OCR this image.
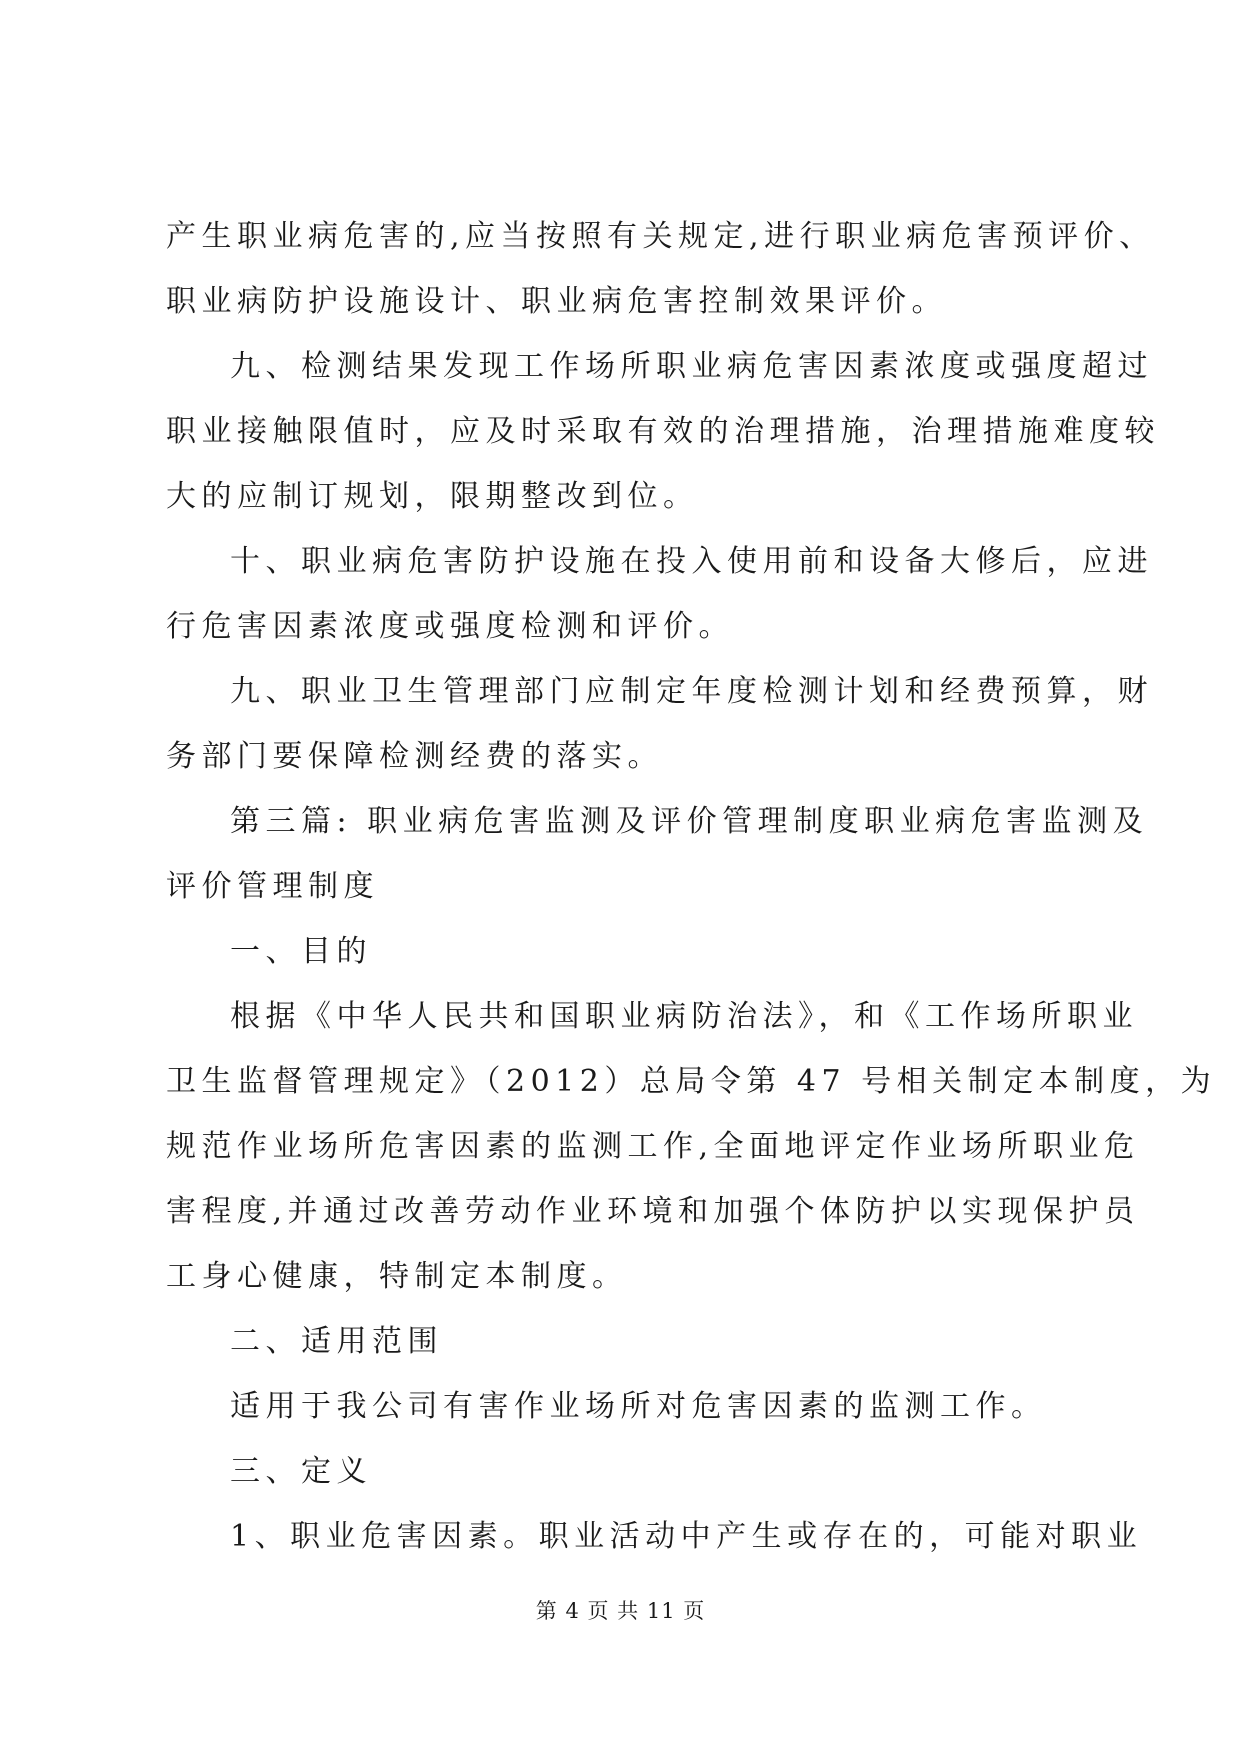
产生职业病危害的,应当按照有关规定,进行职业病危害预评价、
职业病防护设施设计、职业病危害控制效果评价。
九、检测结果发现工作场所职业病危害因素浓度或强度超过
职业接触限值时，应及时采取有效的治理措施，治理措施难度较
大的应制订规划，限期整改到位。
十、职业病危害防护设施在投入使用前和设备大修后，应进
行危害因素浓度或强度检测和评价。
九、职业卫生管理部门应制定年度检测计划和经费预算，财
务部门要保障检测经费的落实。
第三篇: 职业病危害监测及评价管理制度职业病危害监测及
评价管理制度
一、目的
根据《中华人民共和国职业病防治法》，和《工作场所职业
卫生监督管理规定》（2012）总局令第 47 号相关制定本制度，为
规范作业场所危害因素的监测工作,全面地评定作业场所职业危
害程度,并通过改善劳动作业环境和加强个体防护以实现保护员
工身心健康，特制定本制度。
二、适用范围
适用于我公司有害作业场所对危害因素的监测工作。
三、定义
1、职业危害因素。职业活动中产生或存在的，可能对职业
第 4 页 共 11 页
